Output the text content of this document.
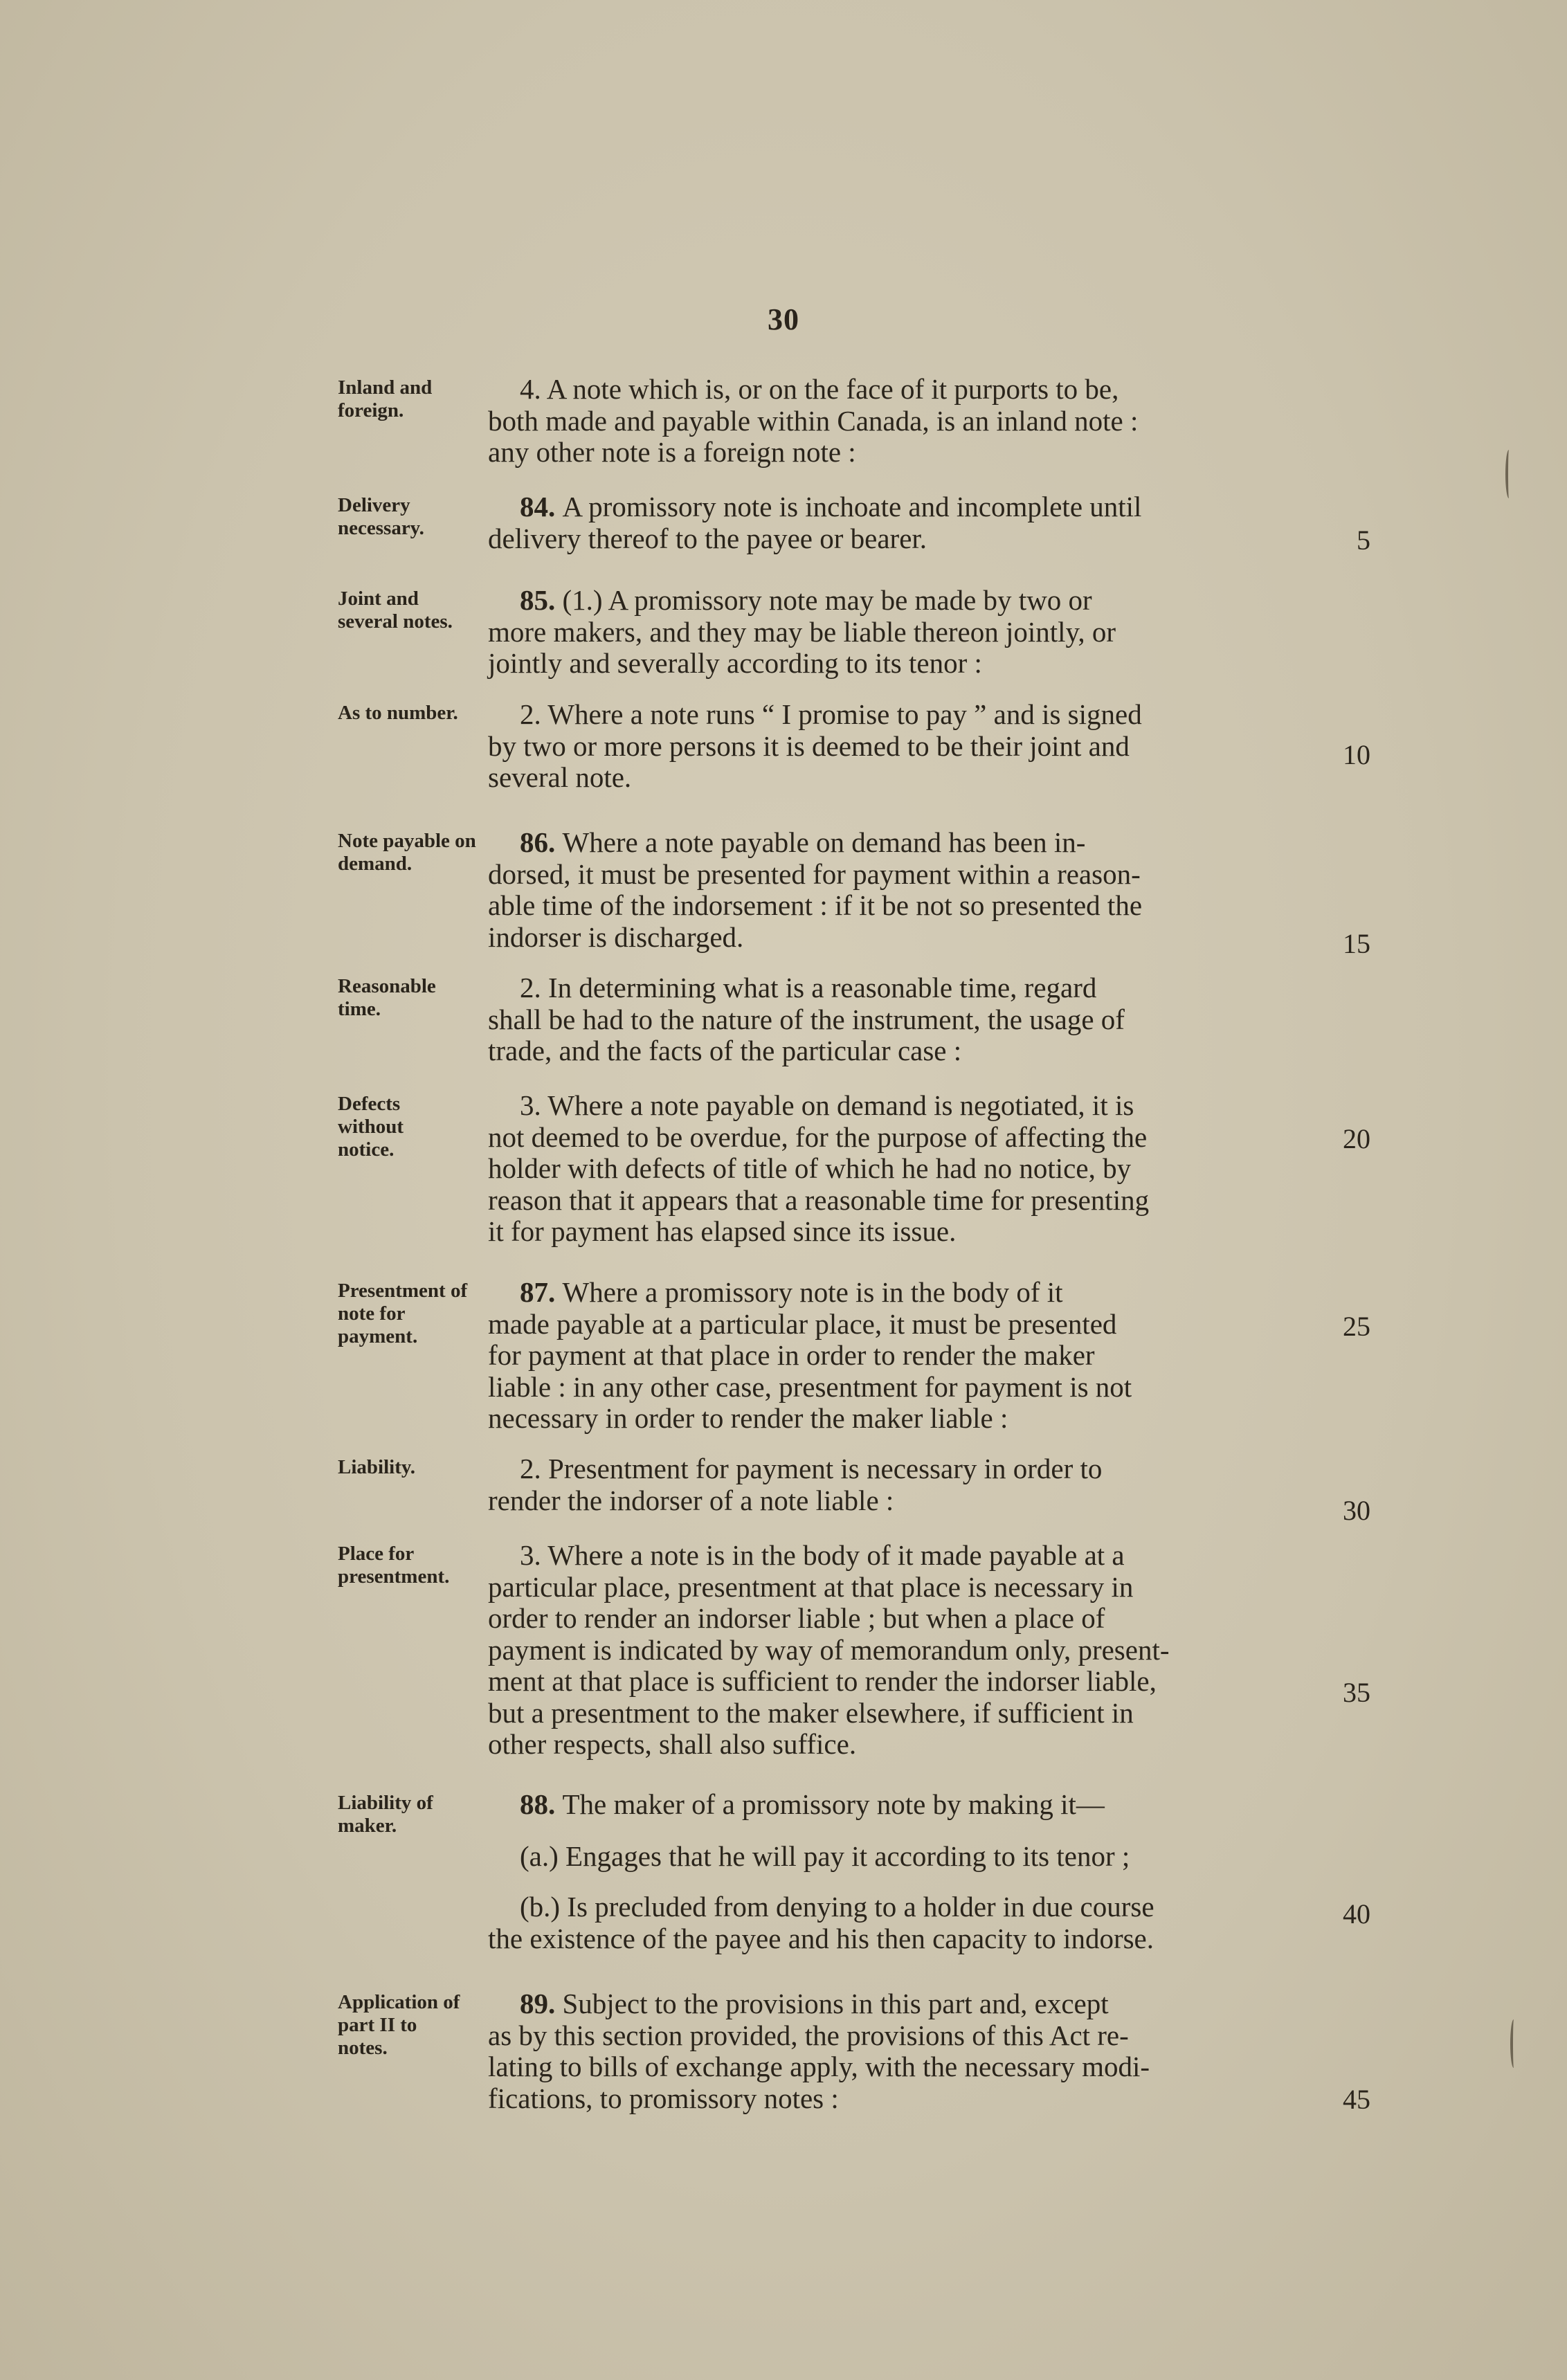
30
Inland and foreign.
4. A note which is, or on the face of it purports to be,
both made and payable within Canada, is an inland note :
any other note is a foreign note :
Delivery necessary.
84. A promissory note is inchoate and incomplete until
delivery thereof to the payee or bearer.
Joint and several notes.
85. (1.) A promissory note may be made by two or
more makers, and they may be liable thereon jointly, or
jointly and severally according to its tenor :
As to number.	2. Where a note runs “ I promise to pay ” and is signed
by two or more persons it is deemed to be their joint and
several note.
Note payable on demand.
86. Where a note payable on demand has been in-
dorsed, it must be presented for payment within a reason-
able time of the indorsement : if it be not so presented the
indorser is discharged.
Reasonable time.
2. In determining what is a reasonable time, regard
shall be had to the nature of the instrument, the usage of
trade, and the facts of the particular case :
Defects without notice.
3. Where a note payable on demand is negotiated, it is
not deemed to be overdue, for the purpose of affecting the
holder with defects of title of which he had no notice, by
reason that it appears that a reasonable time for presenting
it for payment has elapsed since its issue.
Presentment of note for payment.
87. Where a promissory note is in the body of it
made payable at a particular place, it must be presented
for payment at that place in order to render the maker
liable : in any other case, presentment for payment is not
necessary in order to render the maker liable :
Liability.	2. Presentment for payment is necessary in order to
render the indorser of a note liable :
Place for presentment.
3. Where a note is in the body of it made payable at a
particular place, presentment at that place is necessary in
order to render an indorser liable ; but when a place of
payment is indicated by way of memorandum only, present-
ment at that place is sufficient to render the indorser liable,
but a presentment to the maker elsewhere, if sufficient in
other respects, shall also suffice.
Liability of maker.
88. The maker of a promissory note by making it—
(a.) Engages that he will pay it according to its tenor ;
(b.) Is precluded from denying to a holder in due course
the existence of the payee and his then capacity to indorse.
Application of part II to notes.
89. Subject to the provisions in this part and, except
as by this section provided, the provisions of this Act re-
lating to bills of exchange apply, with the necessary modi-
fications, to promissory notes :
5
10
15
20
25
30
35
40
45
